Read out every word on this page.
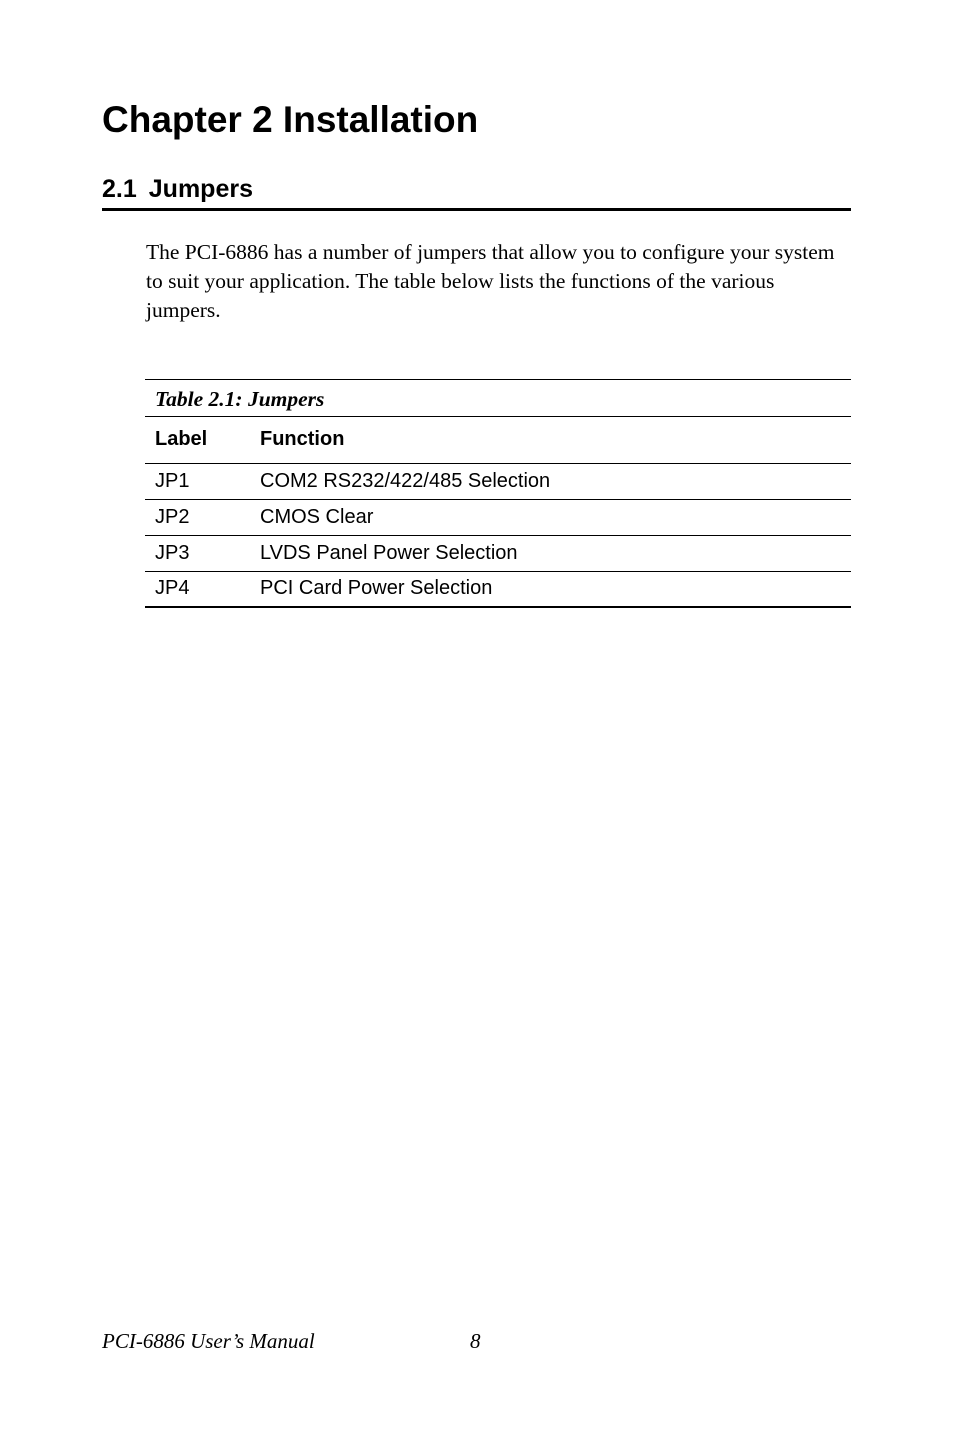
Chapter 2 Installation
2.1 Jumpers

The PCI-6886 has a number of jumpers that allow you to configure your system to suit your application. The table below lists the functions of the various jumpers.

Table 2.1: Jumpers
Label	Function
JP1	COM2 RS232/422/485 Selection
JP2	CMOS Clear
JP3	LVDS Panel Power Selection
JP4	PCI Card Power Selection
PCI-6886 User’s Manual	8
